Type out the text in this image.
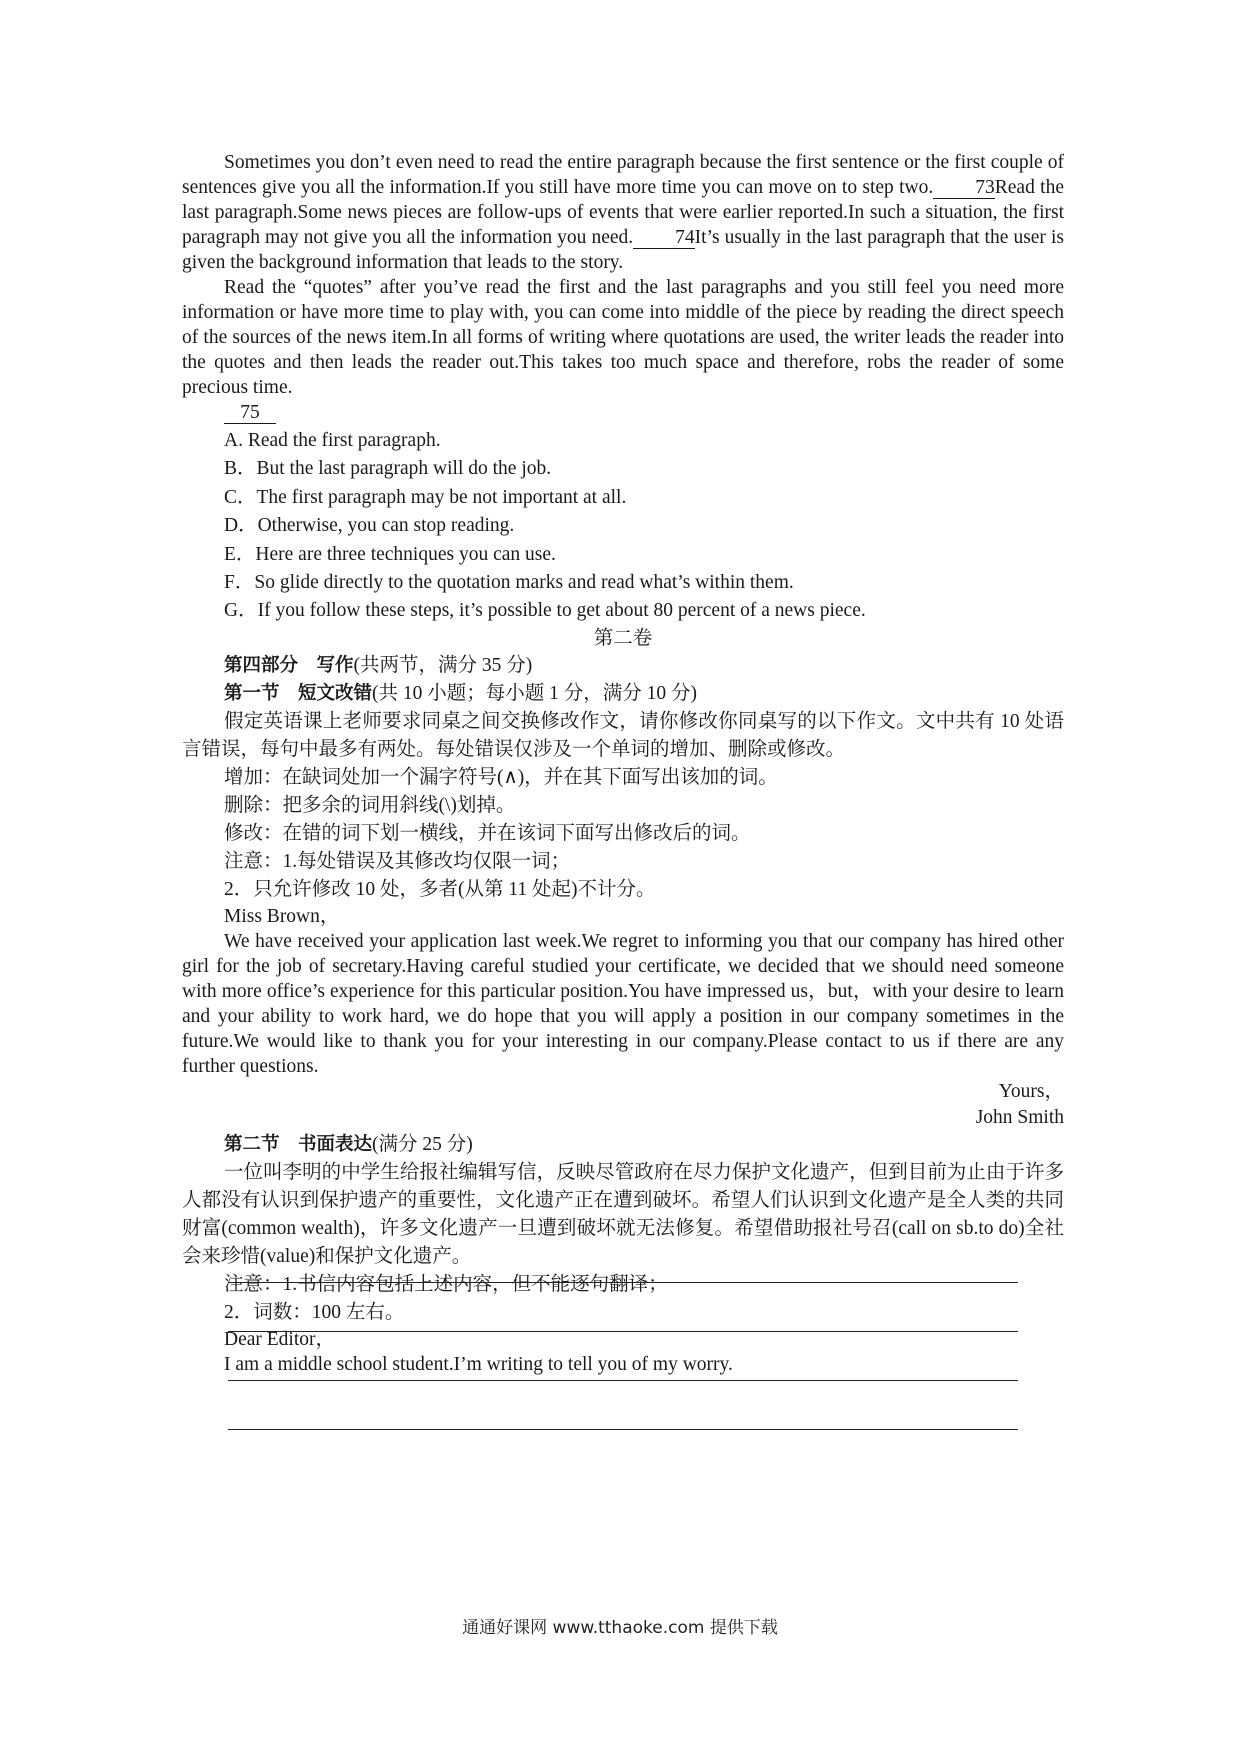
Sometimes you don’t even need to read the entire paragraph because the first sentence or the first couple of sentences give you all the information.If you still have more time you can move on to step two. 73Read the last paragraph.Some news pieces are follow-ups of events that were earlier reported.In such a situation, the first paragraph may not give you all the information you need. 74It’s usually in the last paragraph that the user is given the background information that leads to the story.

Read the “quotes” after you’ve read the first and the last paragraphs and you still feel you need more information or have more time to play with, you can come into middle of the piece by reading the direct speech of the sources of the news item.In all forms of writing where quotations are used, the writer leads the reader into the quotes and then leads the reader out.This takes too much space and therefore, robs the reader of some precious time.

75

A. Read the first paragraph.

B．But the last paragraph will do the job.

C．The first paragraph may be not important at all.

D．Otherwise, you can stop reading.

E．Here are three techniques you can use.

F．So glide directly to the quotation marks and read what’s within them.

G．If you follow these steps, it’s possible to get about 80 percent of a news piece.

第二卷

第四部分　写作(共两节，满分 35 分)

第一节　短文改错(共 10 小题；每小题 1 分，满分 10 分)

假定英语课上老师要求同桌之间交换修改作文，请你修改你同桌写的以下作文。文中共有 10 处语言错误，每句中最多有两处。每处错误仅涉及一个单词的增加、删除或修改。

增加：在缺词处加一个漏字符号(∧)，并在其下面写出该加的词。

删除：把多余的词用斜线(\)划掉。

修改：在错的词下划一横线，并在该词下面写出修改后的词。

注意：1.每处错误及其修改均仅限一词；

2．只允许修改 10 处，多者(从第 11 处起)不计分。

Miss Brown，

We have received your application last week.We regret to informing you that our company has hired other girl for the job of secretary.Having careful studied your certificate, we decided that we should need someone with more office’s experience for this particular position.You have impressed us，but，with your desire to learn and your ability to work hard, we do hope that you will apply a position in our company sometimes in the future.We would like to thank you for your interesting in our company.Please contact to us if there are any further questions.

Yours，

John Smith

第二节　书面表达(满分 25 分)

一位叫李明的中学生给报社编辑写信，反映尽管政府在尽力保护文化遗产，但到目前为止由于许多人都没有认识到保护遗产的重要性，文化遗产正在遭到破坏。希望人们认识到文化遗产是全人类的共同财富(common wealth)，许多文化遗产一旦遭到破坏就无法修复。希望借助报社号召(call on sb.to do)全社会来珍惜(value)和保护文化遗产。

注意：1.书信内容包括上述内容，但不能逐句翻译；

2．词数：100 左右。

Dear Editor，

I am a middle school student.I’m writing to tell you of my worry.

通通好课网 www.tthaoke.com 提供下载
